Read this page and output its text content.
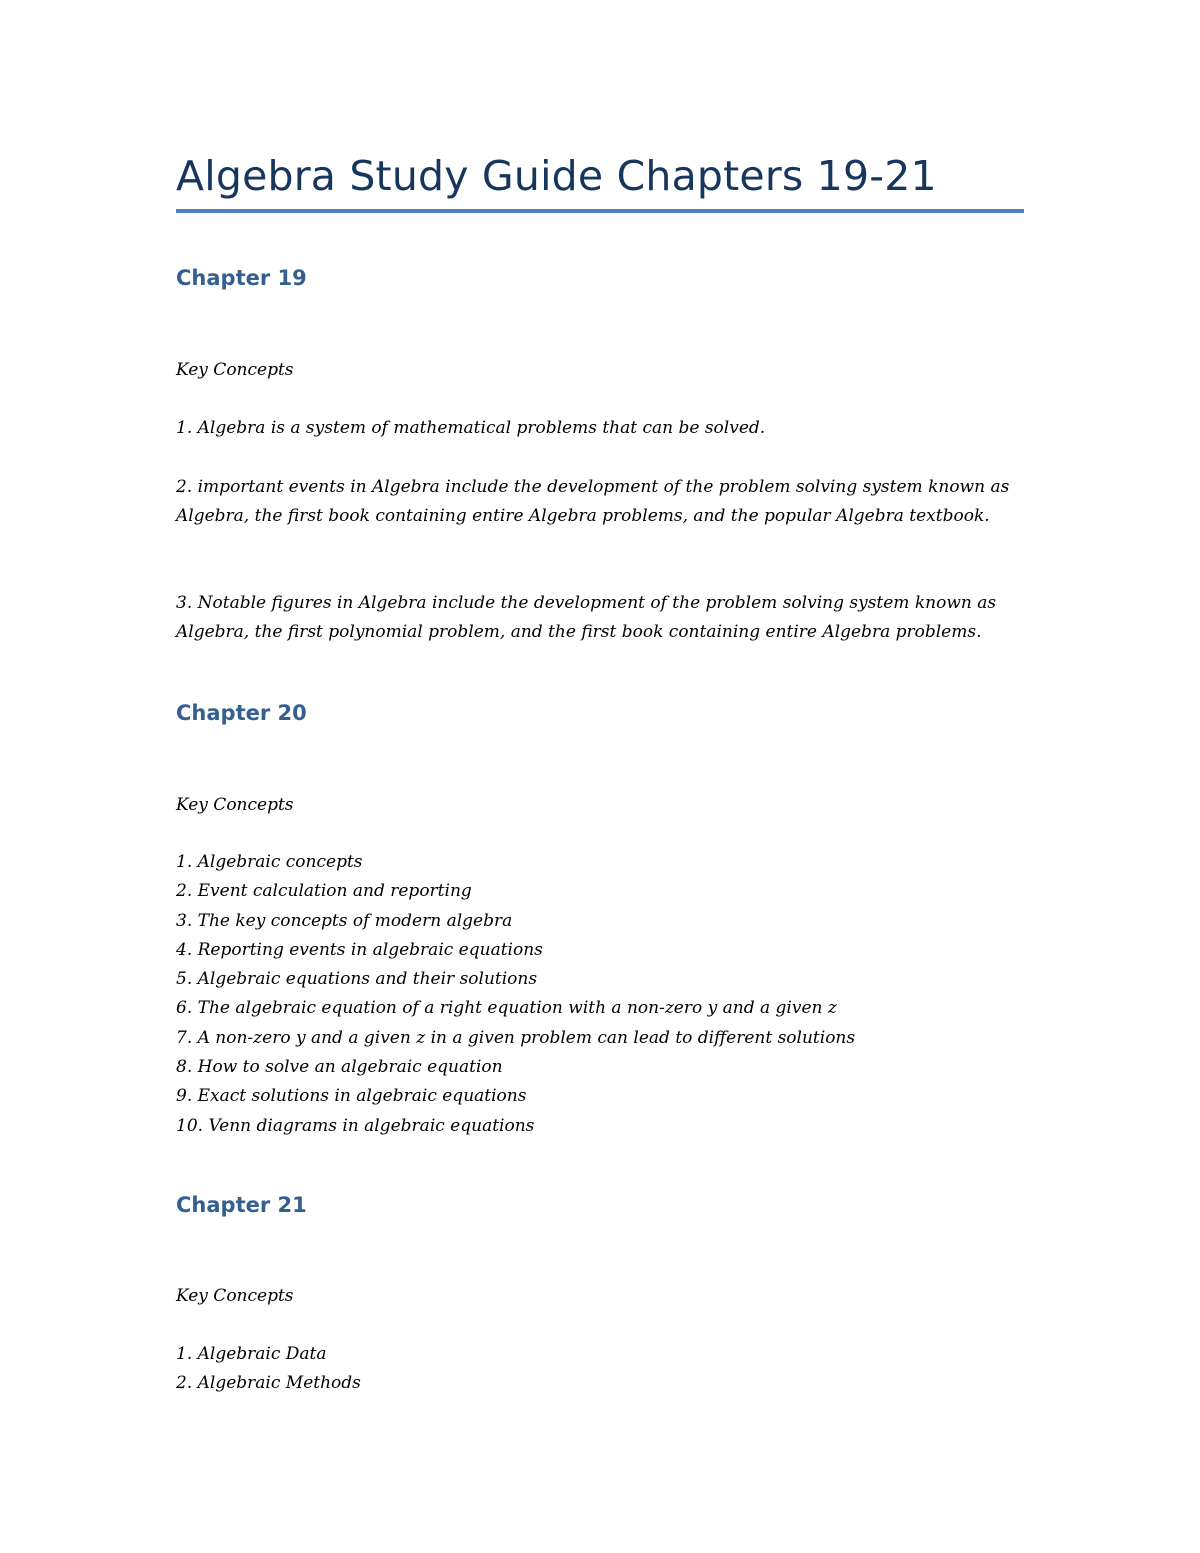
Algebra Study Guide Chapters 19-21
Chapter 19

Key Concepts

1. Algebra is a system of mathematical problems that can be solved.

2. important events in Algebra include the development of the problem solving system known as Algebra, the first book containing entire Algebra problems, and the popular Algebra textbook.

3. Notable figures in Algebra include the development of the problem solving system known as Algebra, the first polynomial problem, and the first book containing entire Algebra problems.

Chapter 20

Key Concepts

1. Algebraic concepts
2. Event calculation and reporting
3. The key concepts of modern algebra
4. Reporting events in algebraic equations
5. Algebraic equations and their solutions
6. The algebraic equation of a right equation with a non-zero y and a given z
7. A non-zero y and a given z in a given problem can lead to different solutions
8. How to solve an algebraic equation
9. Exact solutions in algebraic equations
10. Venn diagrams in algebraic equations
Chapter 21

Key Concepts

1. Algebraic Data
2. Algebraic Methods
